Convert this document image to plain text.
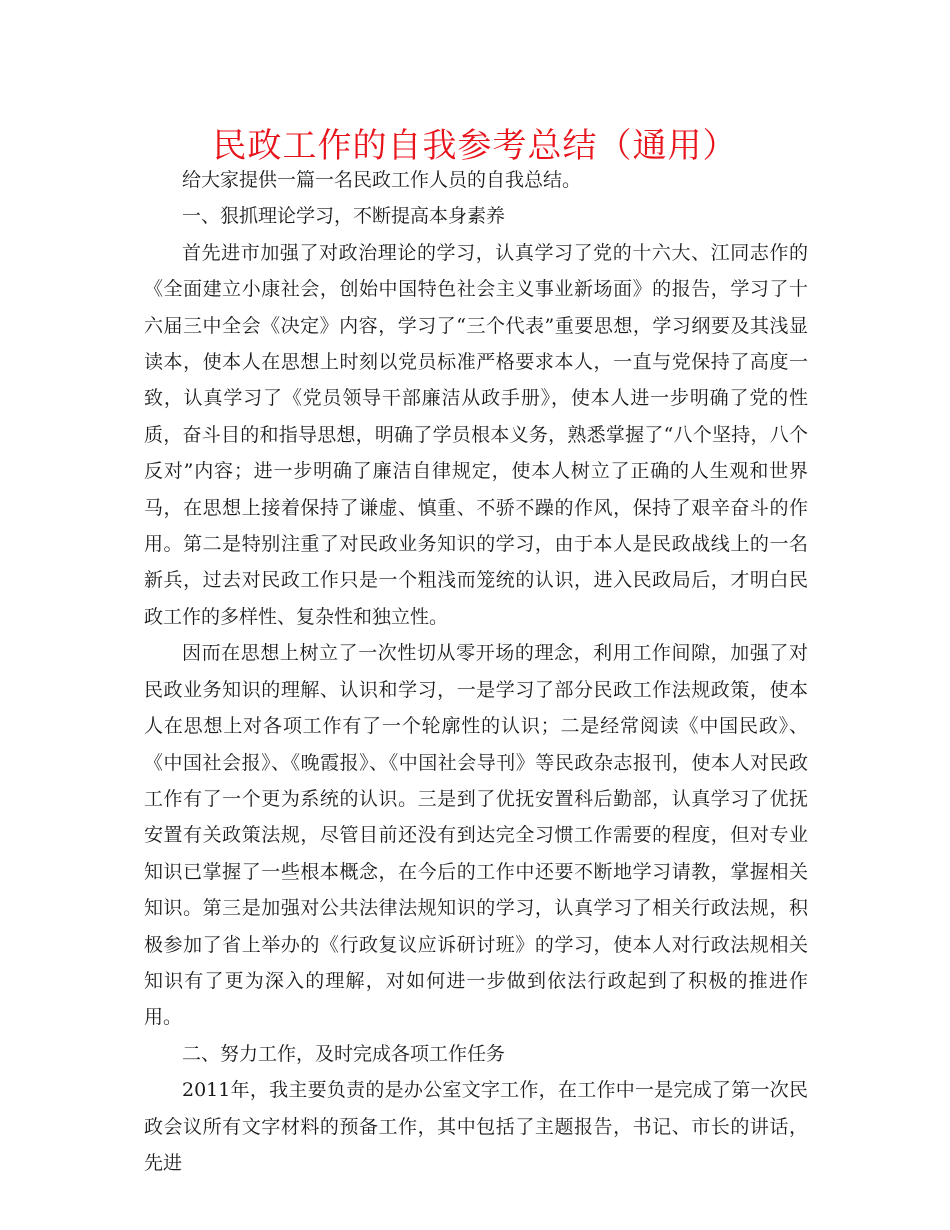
民政工作的自我参考总结（通用）

给大家提供一篇一名民政工作人员的自我总结。

一、狠抓理论学习，不断提高本身素养

首先进市加强了对政治理论的学习，认真学习了党的十六大、江同志作的《全面建立小康社会，创始中国特色社会主义事业新场面》的报告，学习了十六届三中全会《决定》内容，学习了“三个代表”重要思想，学习纲要及其浅显读本，使本人在思想上时刻以党员标准严格要求本人，一直与党保持了高度一致，认真学习了《党员领导干部廉洁从政手册》，使本人进一步明确了党的性质，奋斗目的和指导思想，明确了学员根本义务，熟悉掌握了“八个坚持，八个反对”内容；进一步明确了廉洁自律规定，使本人树立了正确的人生观和世界马，在思想上接着保持了谦虚、慎重、不骄不躁的作风，保持了艰辛奋斗的作用。第二是特别注重了对民政业务知识的学习，由于本人是民政战线上的一名新兵，过去对民政工作只是一个粗浅而笼统的认识，进入民政局后，才明白民政工作的多样性、复杂性和独立性。

因而在思想上树立了一次性切从零开场的理念，利用工作间隙，加强了对民政业务知识的理解、认识和学习，一是学习了部分民政工作法规政策，使本人在思想上对各项工作有了一个轮廓性的认识；二是经常阅读《中国民政》、《中国社会报》、《晚霞报》、《中国社会导刊》等民政杂志报刊，使本人对民政工作有了一个更为系统的认识。三是到了优抚安置科后勤部，认真学习了优抚安置有关政策法规，尽管目前还没有到达完全习惯工作需要的程度，但对专业知识已掌握了一些根本概念，在今后的工作中还要不断地学习请教，掌握相关知识。第三是加强对公共法律法规知识的学习，认真学习了相关行政法规，积极参加了省上举办的《行政复议应诉研讨班》的学习，使本人对行政法规相关知识有了更为深入的理解，对如何进一步做到依法行政起到了积极的推进作用。

二、努力工作，及时完成各项工作任务

2011年，我主要负责的是办公室文字工作，在工作中一是完成了第一次民政会议所有文字材料的预备工作，其中包括了主题报告，书记、市长的讲话，先进
